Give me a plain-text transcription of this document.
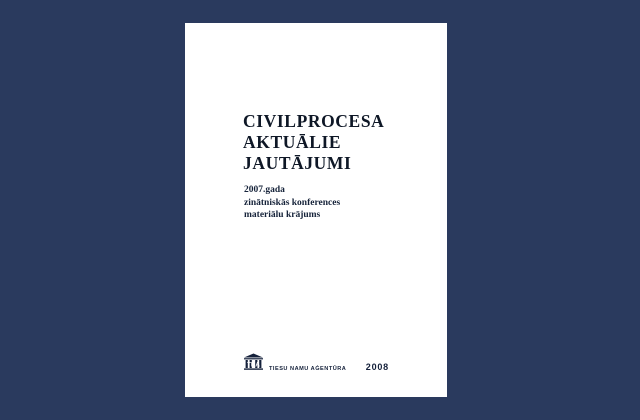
CIVILPROCESA
AKTUĀLIE
JAUTĀJUMI
2007.gada
zinātniskās konferences
materiālu krājums
TNA
TIESU NAMU AĠENTŪRA 2008
